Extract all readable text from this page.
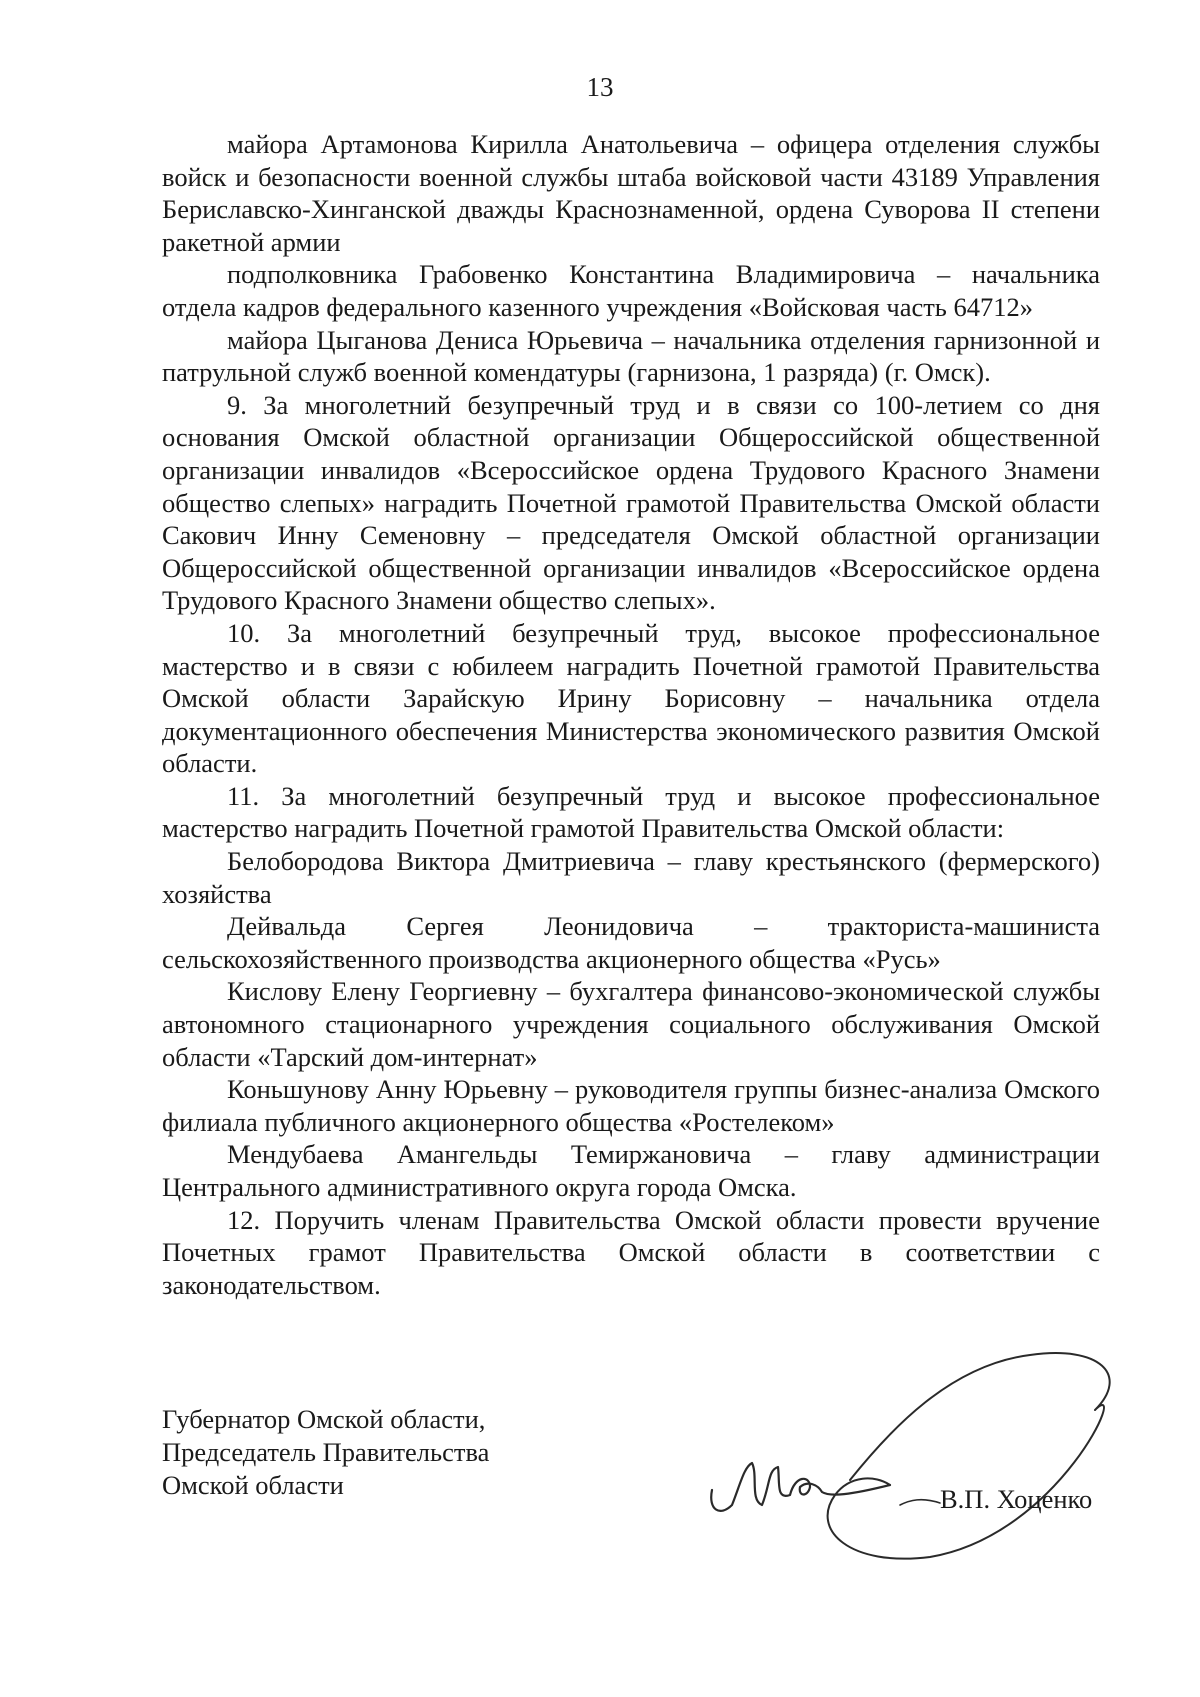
13

майора Артамонова Кирилла Анатольевича – офицера отделения службы войск и безопасности военной службы штаба войсковой части 43189 Управления Бериславско-Хинганской дважды Краснознаменной, ордена Суворова II степени ракетной армии

подполковника Грабовенко Константина Владимировича – начальника отдела кадров федерального казенного учреждения «Войсковая часть 64712»

майора Цыганова Дениса Юрьевича – начальника отделения гарнизонной и патрульной служб военной комендатуры (гарнизона, 1 разряда) (г. Омск).

9. За многолетний безупречный труд и в связи со 100-летием со дня основания Омской областной организации Общероссийской общественной организации инвалидов «Всероссийское ордена Трудового Красного Знамени общество слепых» наградить Почетной грамотой Правительства Омской области Сакович Инну Семеновну – председателя Омской областной организации Общероссийской общественной организации инвалидов «Всероссийское ордена Трудового Красного Знамени общество слепых».

10. За многолетний безупречный труд, высокое профессиональное мастерство и в связи с юбилеем наградить Почетной грамотой Правительства Омской области Зарайскую Ирину Борисовну – начальника отдела документационного обеспечения Министерства экономического развития Омской области.

11. За многолетний безупречный труд и высокое профессиональное мастерство наградить Почетной грамотой Правительства Омской области:

Белобородова Виктора Дмитриевича – главу крестьянского (фермерского) хозяйства

Дейвальда Сергея Леонидовича – тракториста-машиниста сельскохозяйственного производства акционерного общества «Русь»

Кислову Елену Георгиевну – бухгалтера финансово-экономической службы автономного стационарного учреждения социального обслуживания Омской области «Тарский дом-интернат»

Коньшунову Анну Юрьевну – руководителя группы бизнес-анализа Омского филиала публичного акционерного общества «Ростелеком»

Мендубаева Амангельды Темиржановича – главу администрации Центрального административного округа города Омска.

12. Поручить членам Правительства Омской области провести вручение Почетных грамот Правительства Омской области в соответствии с законодательством.

Губернатор Омской области,
Председатель Правительства
Омской области	В.П. Хоценко
